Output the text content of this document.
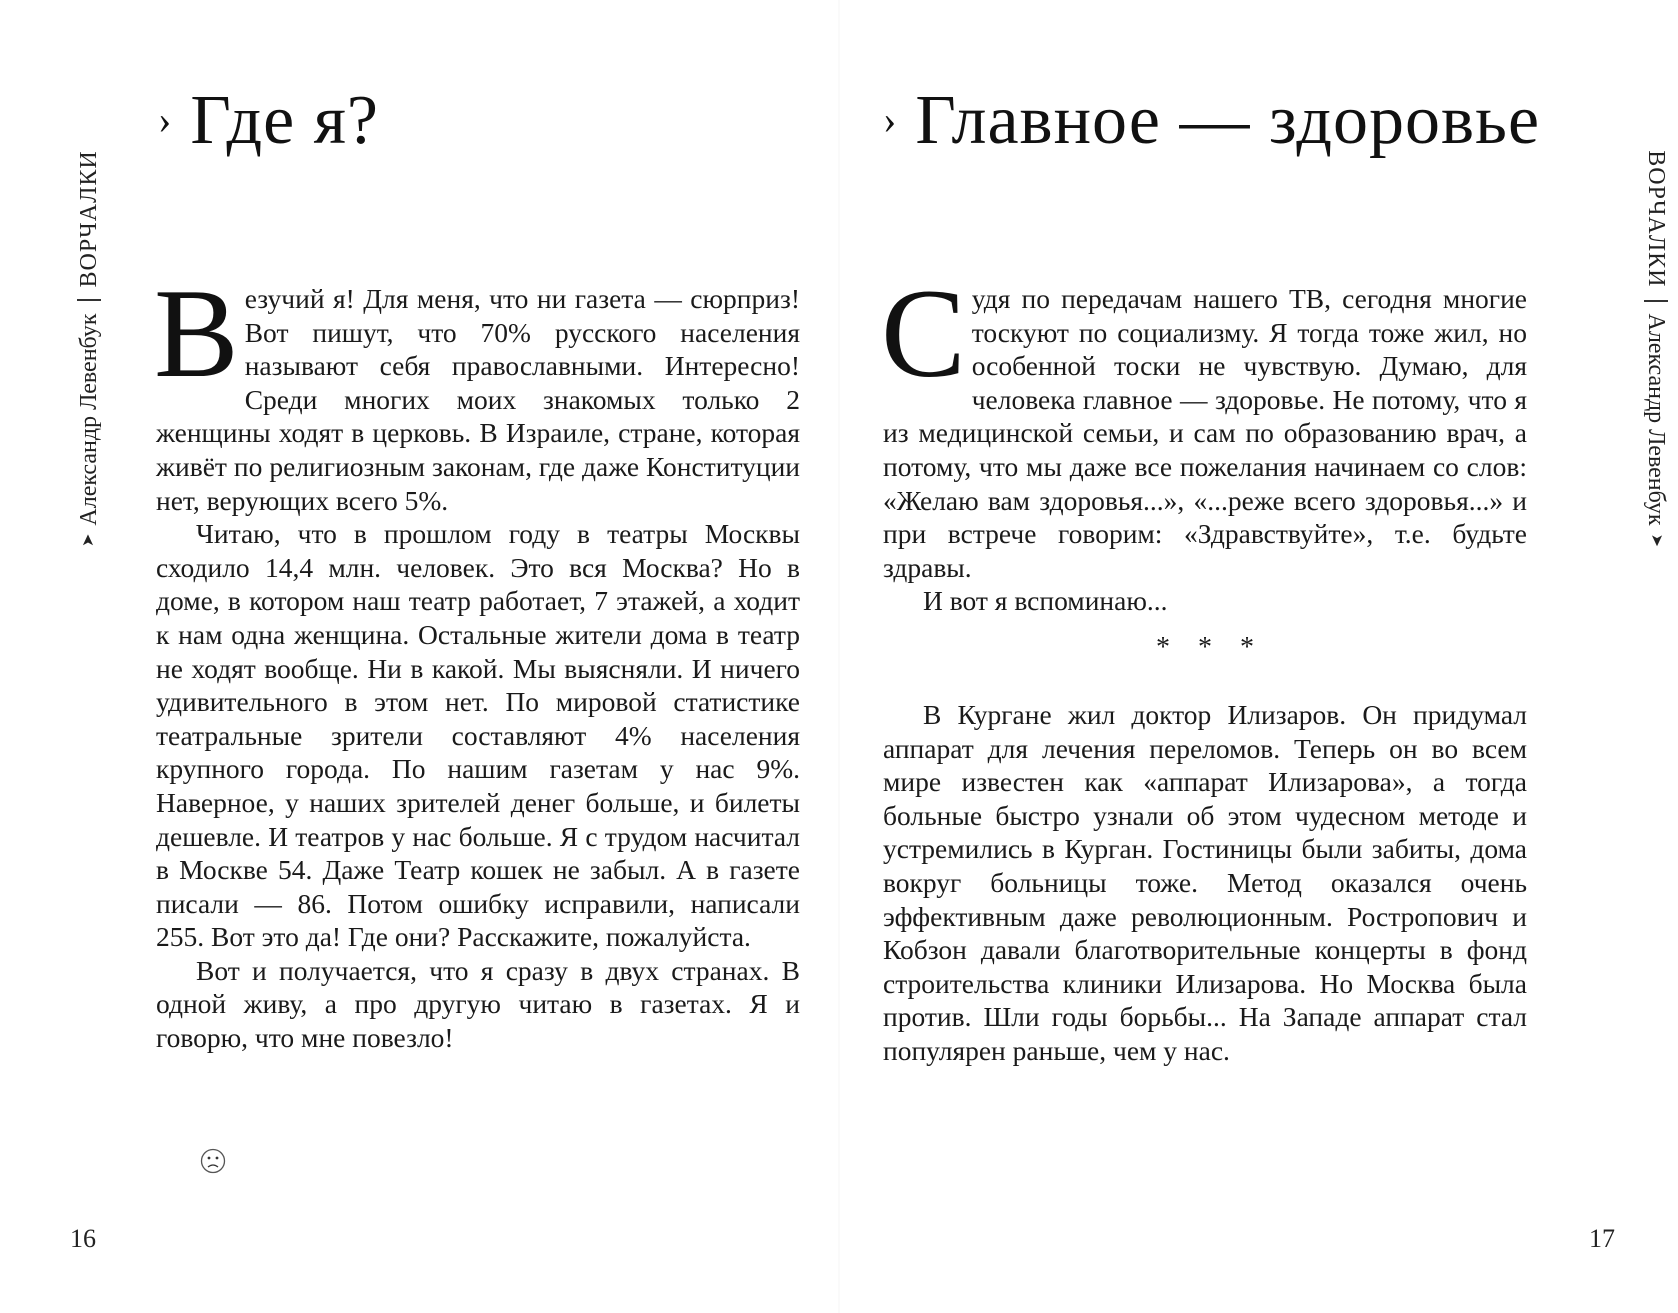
➤
Александр Левенбук
ВОРЧАЛКИ
› Где я?

Везучий я! Для меня, что ни газета — сюрприз! Вот пишут, что 70% русского населения называют себя православными. Интересно! Среди многих моих знакомых только 2 женщины ходят в церковь. В Израиле, стране, которая живёт по религиозным законам, где даже Конституции нет, верующих всего 5%.

Читаю, что в прошлом году в театры Москвы сходило 14,4 млн. человек. Это вся Москва? Но в доме, в котором наш театр работает, 7 этажей, а ходит к нам одна женщина. Остальные жители дома в театр не ходят вообще. Ни в какой. Мы выясняли. И ничего удивительного в этом нет. По мировой статистике театральные зрители составляют 4% населения крупного города. По нашим газетам у нас 9%. Наверное, у наших зрителей денег больше, и билеты дешевле. И театров у нас больше. Я с трудом насчитал в Москве 54. Даже Театр кошек не забыл. А в газете писали — 86. Потом ошибку исправили, написали 255. Вот это да! Где они? Расскажите, пожалуйста.

Вот и получается, что я сразу в двух странах. В одной живу, а про другую читаю в газетах. Я и говорю, что мне повезло!

16
➤
Александр Левенбук
ВОРЧАЛКИ
› Главное — здоровье

Судя по передачам нашего ТВ, сегодня многие тоскуют по социализму. Я тогда тоже жил, но особенной тоски не чувствую. Думаю, для человека главное — здоровье. Не потому, что я из медицинской семьи, и сам по образованию врач, а потому, что мы даже все пожелания начинаем со слов: «Желаю вам здоровья...», «...реже всего здоровья...» и при встрече говорим: «Здравствуйте», т.е. будьте здравы.

И вот я вспоминаю...

* * *

В Кургане жил доктор Илизаров. Он придумал аппарат для лечения переломов. Теперь он во всем мире известен как «аппарат Илизарова», а тогда больные быстро узнали об этом чудесном методе и устремились в Курган. Гостиницы были забиты, дома вокруг больницы тоже. Метод оказался очень эффективным даже революционным. Ростропович и Кобзон давали благотворительные концерты в фонд строительства клиники Илизарова. Но Москва была против. Шли годы борьбы... На Западе аппарат стал популярен раньше, чем у нас.

17
